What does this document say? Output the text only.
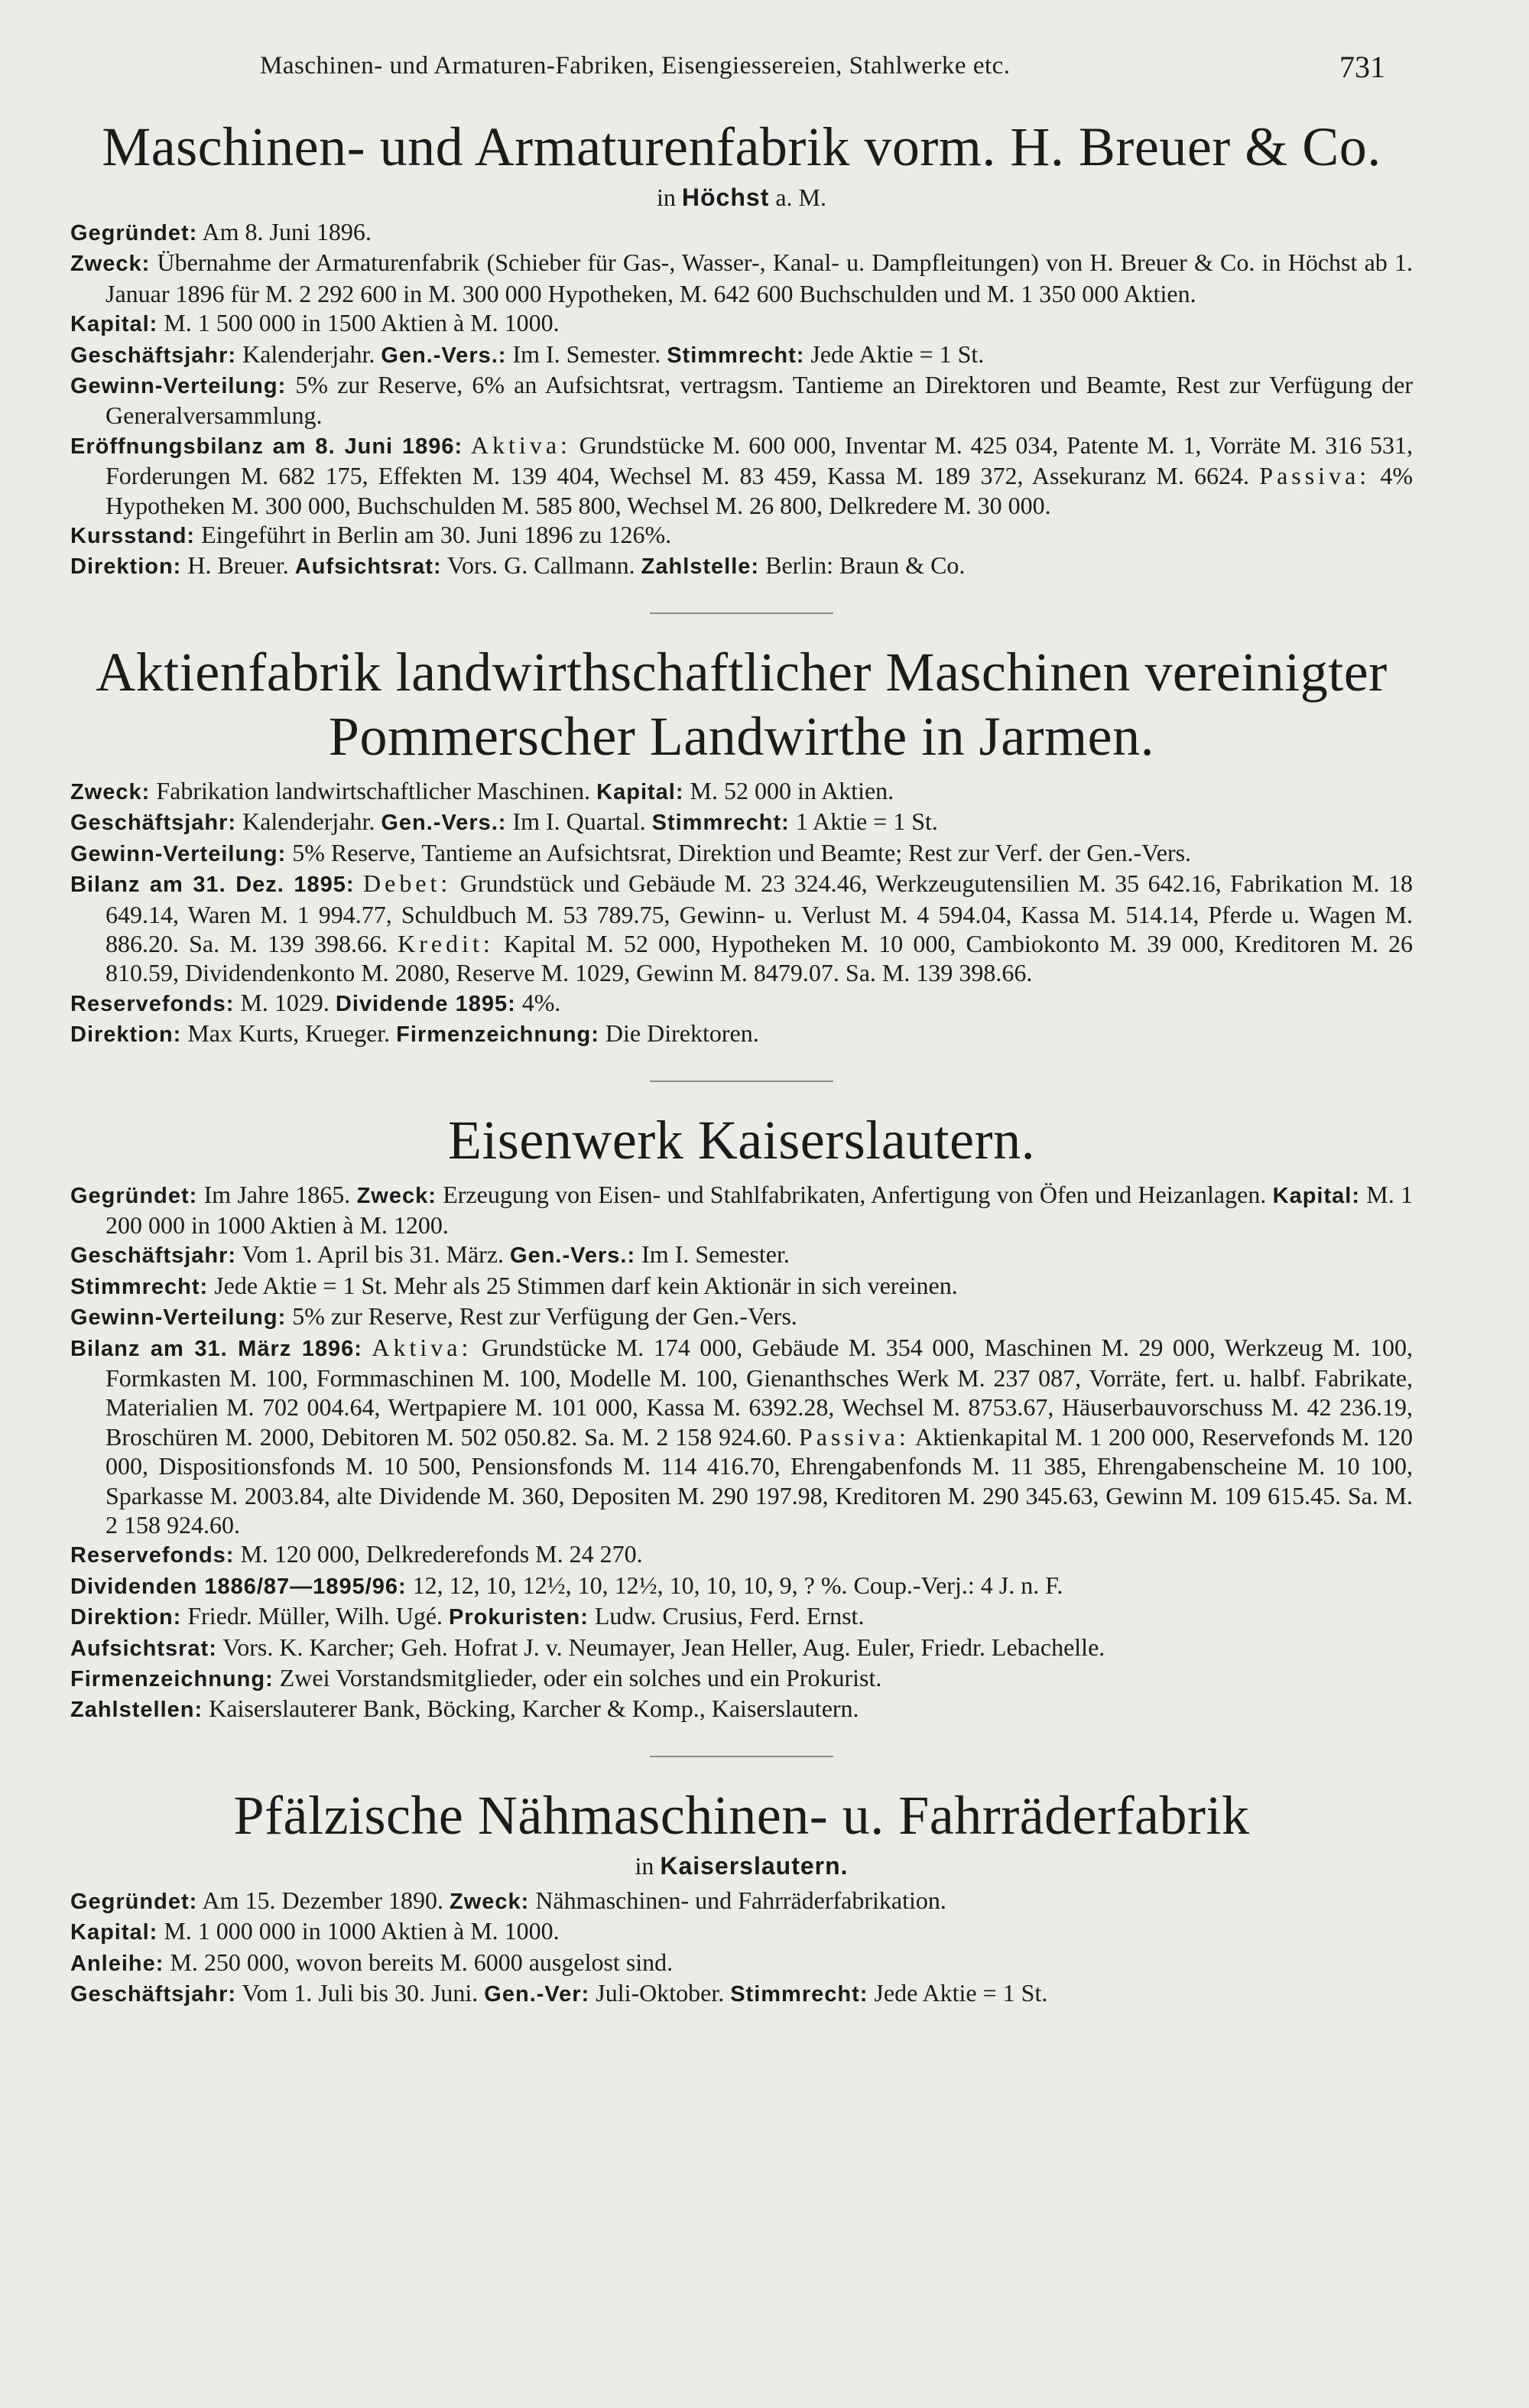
Maschinen- und Armaturen-Fabriken, Eisengiessereien, Stahlwerke etc.	731
Maschinen- und Armaturenfabrik vorm. H. Breuer & Co.
in Höchst a. M.

Gegründet: Am 8. Juni 1896.

Zweck: Übernahme der Armaturenfabrik (Schieber für Gas-, Wasser-, Kanal- u. Dampfleitungen) von H. Breuer & Co. in Höchst ab 1. Januar 1896 für M. 2 292 600 in M. 300 000 Hypotheken, M. 642 600 Buchschulden und M. 1 350 000 Aktien.

Kapital: M. 1 500 000 in 1500 Aktien à M. 1000.

Geschäftsjahr: Kalenderjahr. Gen.-Vers.: Im I. Semester. Stimmrecht: Jede Aktie = 1 St.

Gewinn-Verteilung: 5% zur Reserve, 6% an Aufsichtsrat, vertragsm. Tantieme an Direktoren und Beamte, Rest zur Verfügung der Generalversammlung.

Eröffnungsbilanz am 8. Juni 1896: Aktiva: Grundstücke M. 600 000, Inventar M. 425 034, Patente M. 1, Vorräte M. 316 531, Forderungen M. 682 175, Effekten M. 139 404, Wechsel M. 83 459, Kassa M. 189 372, Assekuranz M. 6624. Passiva: 4% Hypotheken M. 300 000, Buchschulden M. 585 800, Wechsel M. 26 800, Delkredere M. 30 000.

Kursstand: Eingeführt in Berlin am 30. Juni 1896 zu 126%.

Direktion: H. Breuer. Aufsichtsrat: Vors. G. Callmann. Zahlstelle: Berlin: Braun & Co.

Aktienfabrik landwirthschaftlicher Maschinen vereinigter
Pommerscher Landwirthe in Jarmen.

Zweck: Fabrikation landwirtschaftlicher Maschinen. Kapital: M. 52 000 in Aktien.

Geschäftsjahr: Kalenderjahr. Gen.-Vers.: Im I. Quartal. Stimmrecht: 1 Aktie = 1 St.

Gewinn-Verteilung: 5% Reserve, Tantieme an Aufsichtsrat, Direktion und Beamte; Rest zur Verf. der Gen.-Vers.

Bilanz am 31. Dez. 1895: Debet: Grundstück und Gebäude M. 23 324.46, Werkzeugutensilien M. 35 642.16, Fabrikation M. 18 649.14, Waren M. 1 994.77, Schuldbuch M. 53 789.75, Gewinn- u. Verlust M. 4 594.04, Kassa M. 514.14, Pferde u. Wagen M. 886.20. Sa. M. 139 398.66. Kredit: Kapital M. 52 000, Hypotheken M. 10 000, Cambiokonto M. 39 000, Kreditoren M. 26 810.59, Dividendenkonto M. 2080, Reserve M. 1029, Gewinn M. 8479.07. Sa. M. 139 398.66.

Reservefonds: M. 1029. Dividende 1895: 4%.

Direktion: Max Kurts, Krueger. Firmenzeichnung: Die Direktoren.

Eisenwerk Kaiserslautern.

Gegründet: Im Jahre 1865. Zweck: Erzeugung von Eisen- und Stahlfabrikaten, Anfertigung von Öfen und Heizanlagen. Kapital: M. 1 200 000 in 1000 Aktien à M. 1200.

Geschäftsjahr: Vom 1. April bis 31. März. Gen.-Vers.: Im I. Semester.

Stimmrecht: Jede Aktie = 1 St. Mehr als 25 Stimmen darf kein Aktionär in sich vereinen.

Gewinn-Verteilung: 5% zur Reserve, Rest zur Verfügung der Gen.-Vers.

Bilanz am 31. März 1896: Aktiva: Grundstücke M. 174 000, Gebäude M. 354 000, Maschinen M. 29 000, Werkzeug M. 100, Formkasten M. 100, Formmaschinen M. 100, Modelle M. 100, Gienanthsches Werk M. 237 087, Vorräte, fert. u. halbf. Fabrikate, Materialien M. 702 004.64, Wertpapiere M. 101 000, Kassa M. 6392.28, Wechsel M. 8753.67, Häuserbauvorschuss M. 42 236.19, Broschüren M. 2000, Debitoren M. 502 050.82. Sa. M. 2 158 924.60. Passiva: Aktienkapital M. 1 200 000, Reservefonds M. 120 000, Dispositionsfonds M. 10 500, Pensionsfonds M. 114 416.70, Ehrengabenfonds M. 11 385, Ehrengabenscheine M. 10 100, Sparkasse M. 2003.84, alte Dividende M. 360, Depositen M. 290 197.98, Kreditoren M. 290 345.63, Gewinn M. 109 615.45. Sa. M. 2 158 924.60.

Reservefonds: M. 120 000, Delkrederefonds M. 24 270.

Dividenden 1886/87—1895/96: 12, 12, 10, 12½, 10, 12½, 10, 10, 10, 9, ? %. Coup.-Verj.: 4 J. n. F.

Direktion: Friedr. Müller, Wilh. Ugé. Prokuristen: Ludw. Crusius, Ferd. Ernst.

Aufsichtsrat: Vors. K. Karcher; Geh. Hofrat J. v. Neumayer, Jean Heller, Aug. Euler, Friedr. Lebachelle.

Firmenzeichnung: Zwei Vorstandsmitglieder, oder ein solches und ein Prokurist.

Zahlstellen: Kaiserslauterer Bank, Böcking, Karcher & Komp., Kaiserslautern.

Pfälzische Nähmaschinen- u. Fahrräderfabrik
in Kaiserslautern.

Gegründet: Am 15. Dezember 1890. Zweck: Nähmaschinen- und Fahrräderfabrikation.

Kapital: M. 1 000 000 in 1000 Aktien à M. 1000.

Anleihe: M. 250 000, wovon bereits M. 6000 ausgelost sind.

Geschäftsjahr: Vom 1. Juli bis 30. Juni. Gen.-Ver: Juli-Oktober. Stimmrecht: Jede Aktie = 1 St.
